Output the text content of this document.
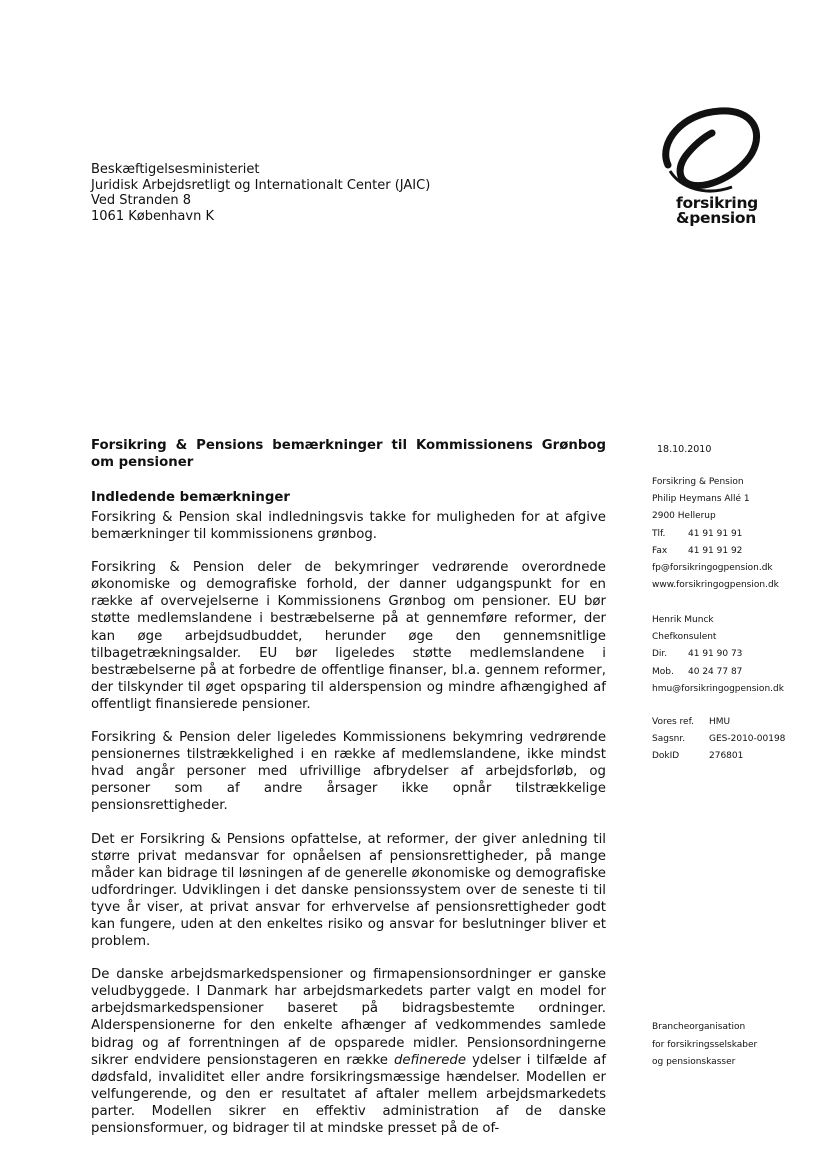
Beskæftigelsesministeriet
Juridisk Arbejdsretligt og Internationalt Center (JAIC)
Ved Stranden 8
1061 København K
forsikring
&pension
Forsikring & Pensions bemærkninger til Kommissionens Grønbog om pensioner
Indledende bemærkninger

Forsikring & Pension skal indledningsvis takke for muligheden for at afgive bemærkninger til kommissionens grønbog.

Forsikring & Pension deler de bekymringer vedrørende overordnede økonomiske og demografiske forhold, der danner udgangspunkt for en række af overvejelserne i Kommissionens Grønbog om pensioner. EU bør støtte medlemslandene i bestræbelserne på at gennemføre reformer, der kan øge arbejdsudbuddet, herunder øge den gennemsnitlige tilbagetrækningsalder. EU bør ligeledes støtte medlemslandene i bestræbelserne på at forbedre de offentlige finanser, bl.a. gennem reformer, der tilskynder til øget opsparing til alderspension og mindre afhængighed af offentligt finansierede pensioner.

Forsikring & Pension deler ligeledes Kommissionens bekymring vedrørende pensionernes tilstrækkelighed i en række af medlemslandene, ikke mindst hvad angår personer med ufrivillige afbrydelser af arbejdsforløb, og personer som af andre årsager ikke opnår tilstrækkelige pensionsrettigheder.

Det er Forsikring & Pensions opfattelse, at reformer, der giver anledning til større privat medansvar for opnåelsen af pensionsrettigheder, på mange måder kan bidrage til løsningen af de generelle økonomiske og demografiske udfordringer. Udviklingen i det danske pensionssystem over de seneste ti til tyve år viser, at privat ansvar for erhvervelse af pensionsrettigheder godt kan fungere, uden at den enkeltes risiko og ansvar for beslutninger bliver et problem.

De danske arbejdsmarkedspensioner og firmapensionsordninger er ganske veludbyggede. I Danmark har arbejdsmarkedets parter valgt en model for arbejdsmarkedspensioner baseret på bidragsbestemte ordninger. Alderspensionerne for den enkelte afhænger af vedkommendes samlede bidrag og af forrentningen af de opsparede midler. Pensionsordningerne sikrer endvidere pensionstageren en række definerede ydelser i tilfælde af dødsfald, invaliditet eller andre forsikringsmæssige hændelser. Modellen er velfungerende, og den er resultatet af aftaler mellem arbejdsmarkedets parter. Modellen sikrer en effektiv administration af de danske pensionsformuer, og bidrager til at mindske presset på de of-

18.10.2010
Forsikring & Pension
Philip Heymans Allé 1
2900 Hellerup
Tlf.	41 91 91 91
Fax	41 91 91 92
fp@forsikringogpension.dk
www.forsikringogpension.dk
Henrik Munck
Chefkonsulent
Dir.	41 91 90 73
Mob.	40 24 77 87
hmu@forsikringogpension.dk
Vores ref.	HMU
Sagsnr.	GES-2010-00198
DokID	276801
Brancheorganisation
for forsikringsselskaber
og pensionskasser
